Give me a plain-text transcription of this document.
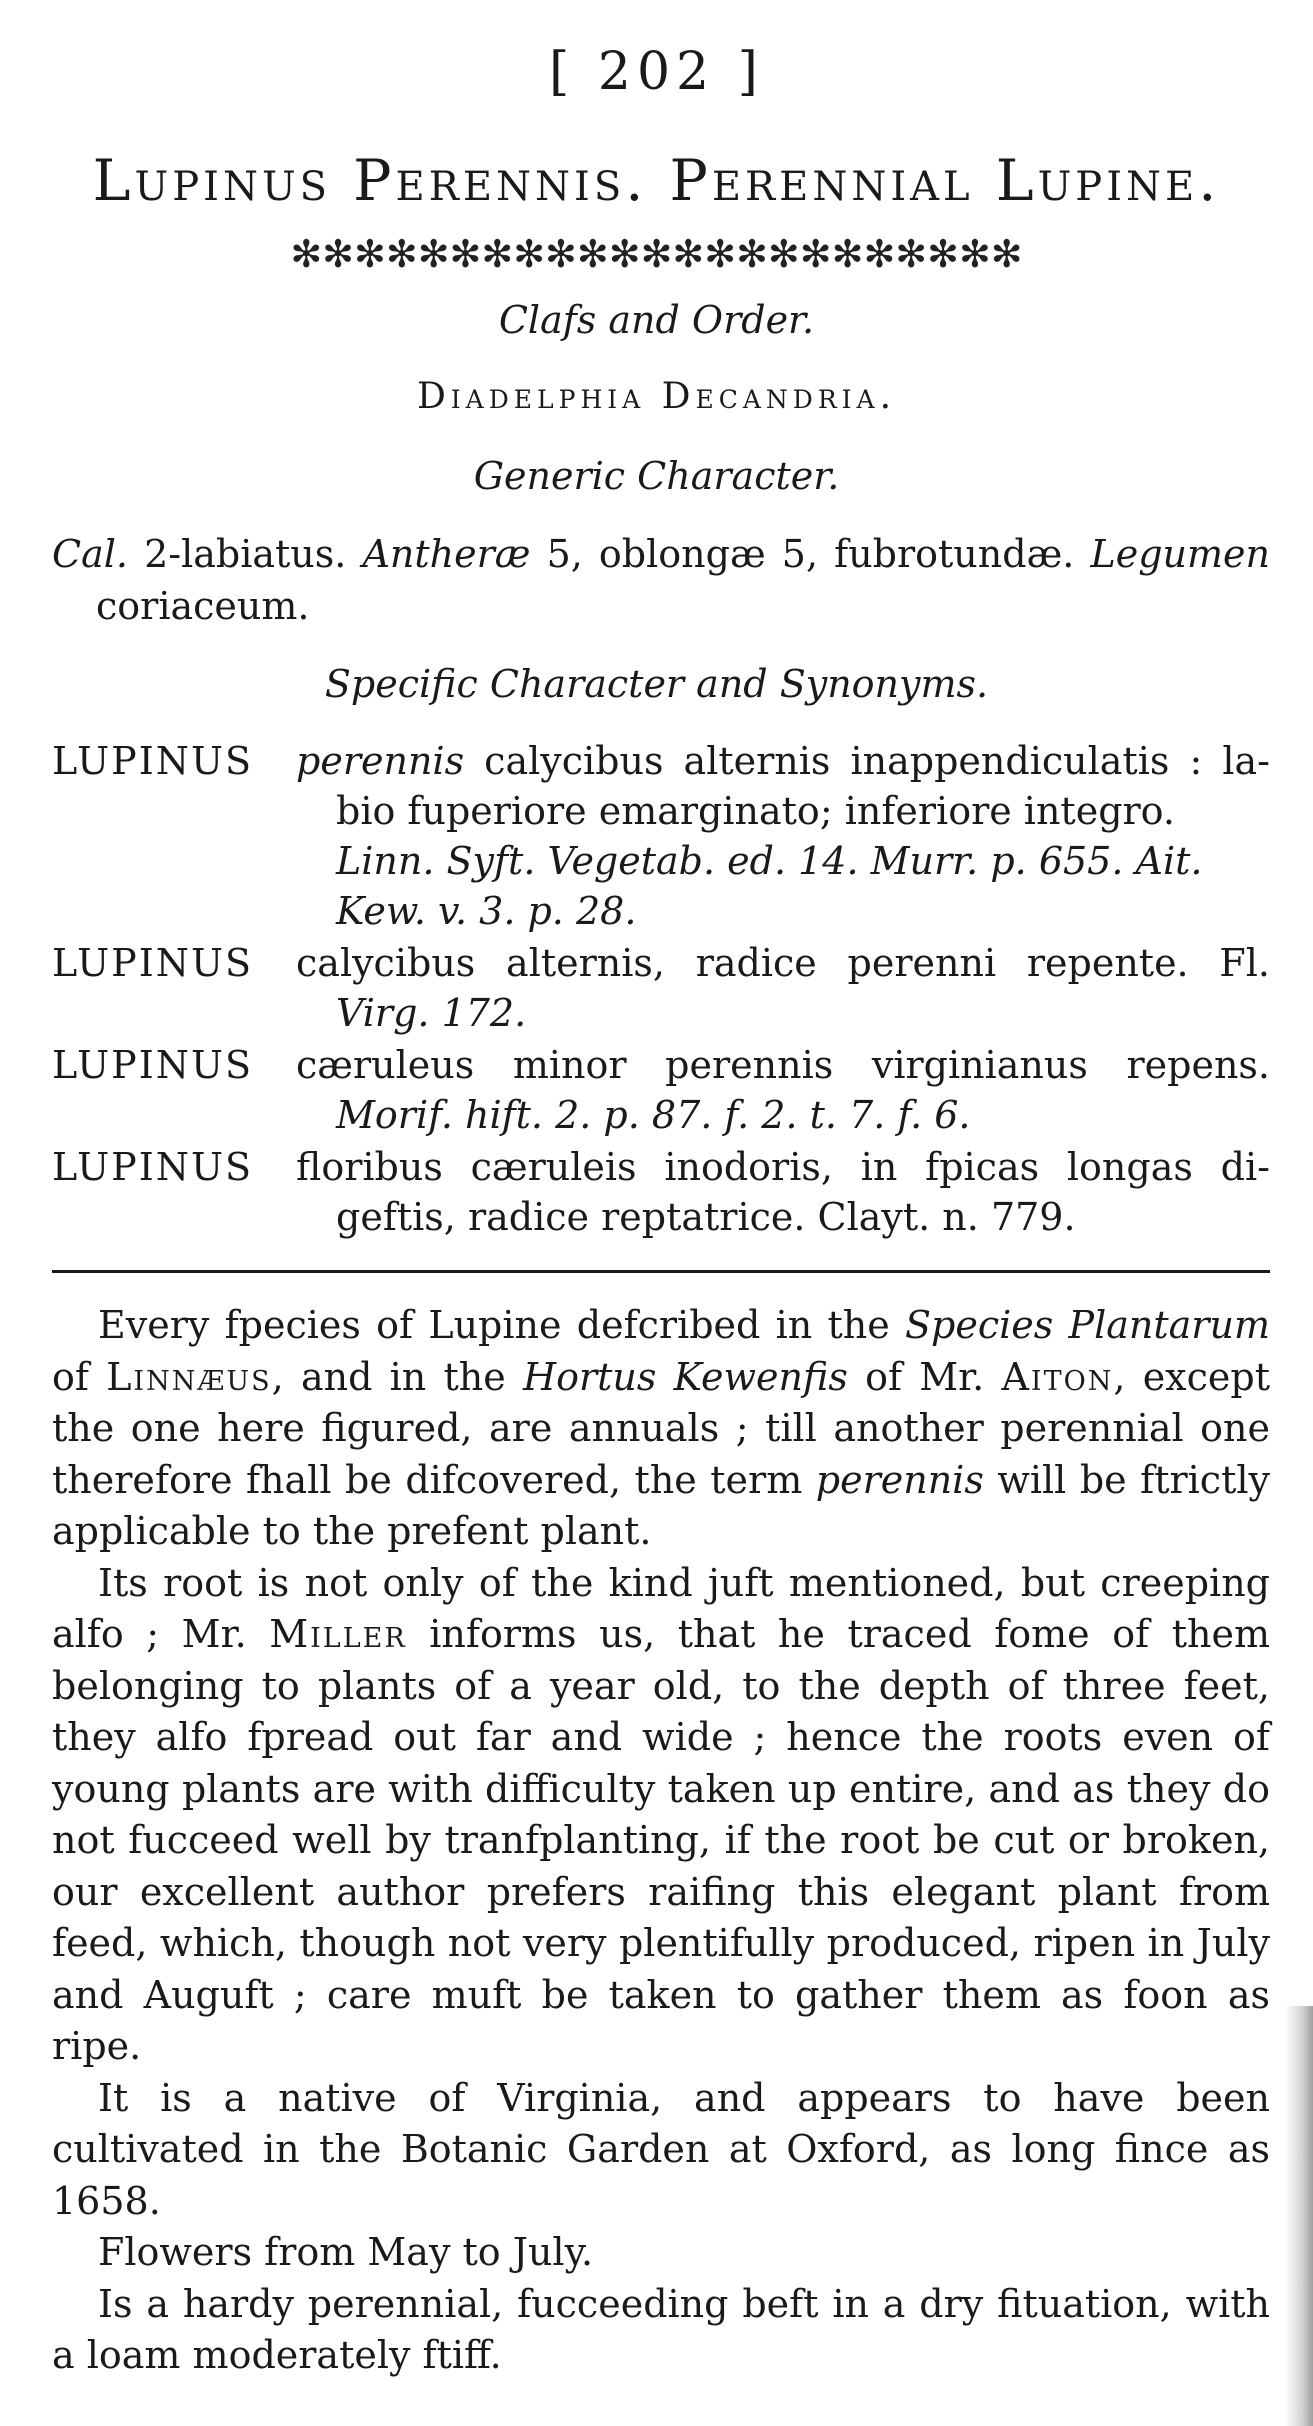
[ 202 ]
Lupinus Perennis. Perennial Lupine.
✻✻✻✻✻✻✻✻✻✻✻✻✻✻✻✻✻✻✻✻✻✻✻
Clafs and Order.
Diadelphia Decandria.
Generic Character.
Cal. 2-labiatus. Antheræ 5, oblongæ 5, fubrotundæ. Legumen
coriaceum.
Specific Character and Synonyms.
LUPINUS perennis calycibus alternis inappendiculatis : la-
bio fuperiore emarginato; inferiore integro.
Linn. Syft. Vegetab. ed. 14. Murr. p. 655. Ait.
Kew. v. 3. p. 28.
LUPINUS calycibus alternis, radice perenni repente. Fl.
Virg. 172.
LUPINUS cæruleus minor perennis virginianus repens.
Morif. hift. 2. p. 87. f. 2. t. 7. f. 6.
LUPINUS floribus cæruleis inodoris, in fpicas longas di-
geftis, radice reptatrice. Clayt. n. 779.

Every fpecies of Lupine defcribed in the Species Plantarum of Linnæus, and in the Hortus Kewenfis of Mr. Aiton, except the one here figured, are annuals ; till another perennial one therefore fhall be difcovered, the term perennis will be ftrictly applicable to the prefent plant.

Its root is not only of the kind juft mentioned, but creeping alfo ; Mr. Miller informs us, that he traced fome of them belonging to plants of a year old, to the depth of three feet, they alfo fpread out far and wide ; hence the roots even of young plants are with difficulty taken up entire, and as they do not fucceed well by tranfplanting, if the root be cut or broken, our excellent author prefers raifing this elegant plant from feed, which, though not very plentifully produced, ripen in July and Auguft ; care muft be taken to gather them as foon as ripe.

It is a native of Virginia, and appears to have been cultivated in the Botanic Garden at Oxford, as long fince as 1658.

Flowers from May to July.

Is a hardy perennial, fucceeding beft in a dry fituation, with a loam moderately ftiff.
